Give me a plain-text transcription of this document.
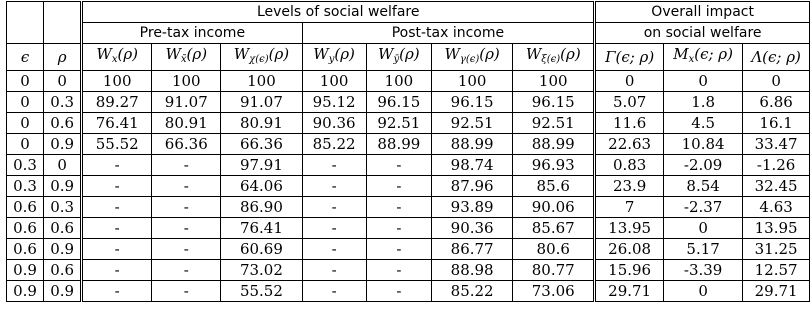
		Levels of social welfare							Overall impact		
		Pre-tax income			Post-tax income				on social welfare		
ϵ	ρ	$W_x(\rho)$	$W_{x̄}(\rho)$	$W_{\chi(\epsilon)}(\rho)$	$W_y(\rho)$	$W_ȳ(\rho)$	$W_{\gamma(\epsilon)}(\rho)$	$W_{\xi(\epsilon)}(\rho)$	Γ(ϵ; ρ)	$M_x(\epsilon$; ρ)	Λ(ϵ; ρ)
0	0	100	100	100	100	100	100	100	0	0	0
0	0.3	89.27	91.07	91.07	95.12	96.15	96.15	96.15	5.07	1.8	6.86
0	0.6	76.41	80.91	80.91	90.36	92.51	92.51	92.51	11.6	4.5	16.1
0	0.9	55.52	66.36	66.36	85.22	88.99	88.99	88.99	22.63	10.84	33.47
0.3	0	-	-	97.91	-	-	98.74	96.93	0.83	-2.09	-1.26
0.3	0.9	-	-	64.06	-	-	87.96	85.6	23.9	8.54	32.45
0.6	0.3	-	-	86.90	-	-	93.89	90.06	7	-2.37	4.63
0.6	0.6	-	-	76.41	-	-	90.36	85.67	13.95	0	13.95
0.6	0.9	-	-	60.69	-	-	86.77	80.6	26.08	5.17	31.25
0.9	0.6	-	-	73.02	-	-	88.98	80.77	15.96	-3.39	12.57
0.9	0.9	-	-	55.52	-	-	85.22	73.06	29.71	0	29.71
